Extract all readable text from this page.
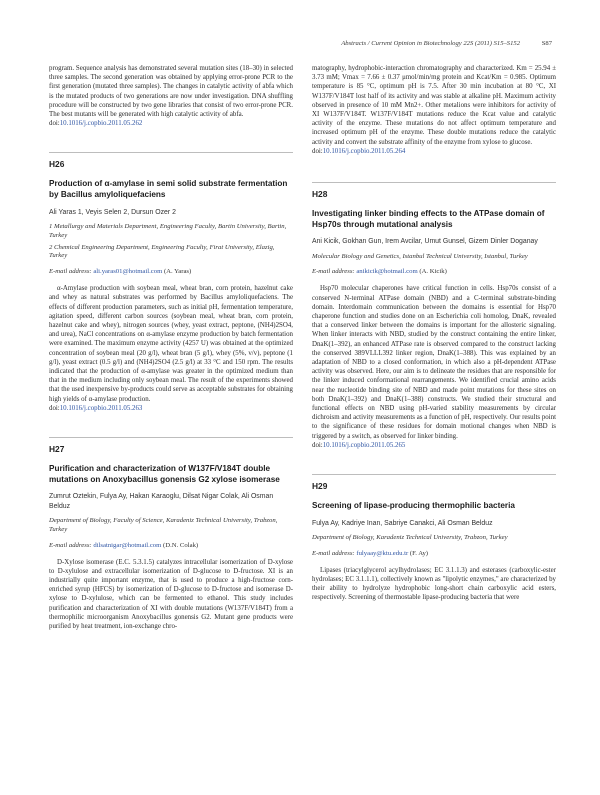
Abstracts / Current Opinion in Biotechnology 22S (2011) S15–S152	S87

program. Sequence analysis has demonstrated several mutation sites (18–30) in selected three samples. The second generation was obtained by applying error-prone PCR to the first generation (mutated three samples). The changes in catalytic activity of abfa which is the mutated products of two generations are now under investigation. DNA shuffling procedure will be constructed by two gene libraries that consist of two error-prone PCR. The best mutants will be generated with high catalytic activity of abfa.

doi:10.1016/j.copbio.2011.05.262

H26
Production of α-amylase in semi solid substrate fermentation by Bacillus amyloliquefaciens
Ali Yaras 1, Veyis Selen 2, Dursun Ozer 2
1 Metallurgy and Materials Department, Engineering Faculty, Bartin University, Bartin, Turkey
2 Chemical Engineering Department, Engineering Faculty, Firat University, Elazig, Turkey
E-mail address: ali.yaras01@hotmail.com (A. Yaras)

α-Amylase production with soybean meal, wheat bran, corn protein, hazelnut cake and whey as natural substrates was performed by Bacillus amyloliquefaciens. The effects of different production parameters, such as initial pH, fermentation temperature, agitation speed, different carbon sources (soybean meal, wheat bran, corn protein, hazelnut cake and whey), nitrogen sources (whey, yeast extract, peptone, (NH4)2SO4, and urea), NaCl concentrations on α-amylase enzyme production by batch fermentation were examined. The maximum enzyme activity (4257 U) was obtained at the optimized concentration of soybean meal (20 g/l), wheat bran (5 g/l), whey (5%, v/v), peptone (1 g/l), yeast extract (0.5 g/l) and (NH4)2SO4 (2.5 g/l) at 33 °C and 150 rpm. The results indicated that the production of α-amylase was greater in the optimized medium than that in the medium including only soybean meal. The result of the experiments showed that the used inexpensive by-products could serve as acceptable substrates for obtaining high yields of α-amylase production.

doi:10.1016/j.copbio.2011.05.263

H27
Purification and characterization of W137F/V184T double mutations on Anoxybacillus gonensis G2 xylose isomerase
Zumrut Oztekin, Fulya Ay, Hakan Karaoglu, Dilsat Nigar Colak, Ali Osman Belduz
Department of Biology, Faculty of Science, Karadeniz Technical University, Trabzon, Turkey
E-mail address: dilsatnigar@hotmail.com (D.N. Colak)

D-Xylose isomerase (E.C. 5.3.1.5) catalyzes intracellular isomerization of D-xylose to D-xylulose and extracellular isomerization of D-glucose to D-fructose. XI is an industrially quite important enzyme, that is used to produce a high-fructose corn-enriched syrup (HFCS) by isomerization of D-glucose to D-fructose and isomerase D-xylose to D-xylulose, which can be fermented to ethanol. This study includes purification and characterization of XI with double mutations (W137F/V184T) from a thermophilic microorganism Anoxybacillus gonensis G2. Mutant gene products were purified by heat treatment, ion-exchange chro-

matography, hydrophobic-interaction chromatography and characterized. Km = 25.94 ± 3.73 mM; Vmax = 7.66 ± 0.37 μmol/min/mg protein and Kcat/Km = 0.985. Optimum temperature is 85 °C, optimum pH is 7.5. After 30 min incubation at 80 °C, XI W137F/V184T lost half of its activity and was stable at alkaline pH. Maximum activity observed in presence of 10 mM Mn2+. Other metalions were inhibitors for activity of XI W137F/V184T. W137F/V184T mutations reduce the Kcat value and catalytic activity of the enzyme. These mutations do not affect optimum temperature and increased optimum pH of the enzyme. These double mutations reduce the catalytic activity and convert the substrate affinity of the enzyme from xylose to glucose.

doi:10.1016/j.copbio.2011.05.264

H28
Investigating linker binding effects to the ATPase domain of Hsp70s through mutational analysis
Ani Kicik, Gokhan Gun, Irem Avcilar, Umut Gunsel, Gizem Dinler Doganay
Molecular Biology and Genetics, Istanbul Technical University, Istanbul, Turkey
E-mail address: anikicik@hotmail.com (A. Kicik)

Hsp70 molecular chaperones have critical function in cells. Hsp70s consist of a conserved N-terminal ATPase domain (NBD) and a C-terminal substrate-binding domain. Interdomain communication between the domains is essential for Hsp70 chaperone function and studies done on an Escherichia coli homolog, DnaK, revealed that a conserved linker between the domains is important for the allosteric signaling. When linker interacts with NBD, studied by the construct containing the entire linker, DnaK(1–392), an enhanced ATPase rate is observed compared to the construct lacking the conserved 389VLLL392 linker region, DnaK(1–388). This was explained by an adaptation of NBD to a closed conformation, in which also a pH-dependent ATPase activity was observed. Here, our aim is to delineate the residues that are responsible for the linker induced conformational rearrangements. We identified crucial amino acids near the nucleotide binding site of NBD and made point mutations for these sites on both DnaK(1–392) and DnaK(1–388) constructs. We studied their structural and functional effects on NBD using pH-varied stability measurements by circular dichroism and activity measurements as a function of pH, respectively. Our results point to the significance of these residues for domain motional changes when NBD is triggered by a switch, as observed for linker binding.

doi:10.1016/j.copbio.2011.05.265

H29
Screening of lipase-producing thermophilic bacteria
Fulya Ay, Kadriye Inan, Sabriye Canakci, Ali Osman Belduz
Department of Biology, Karadeniz Technical University, Trabzon, Turkey
E-mail address: fulyaay@ktu.edu.tr (F. Ay)

Lipases (triacylglycerol acylhydrolases; EC 3.1.1.3) and esterases (carboxylic-ester hydrolases; EC 3.1.1.1), collectively known as "lipolytic enzymes," are characterized by their ability to hydrolyze hydrophobic long-short chain carboxylic acid esters, respectively. Screening of thermostable lipase-producing bacteria that were
